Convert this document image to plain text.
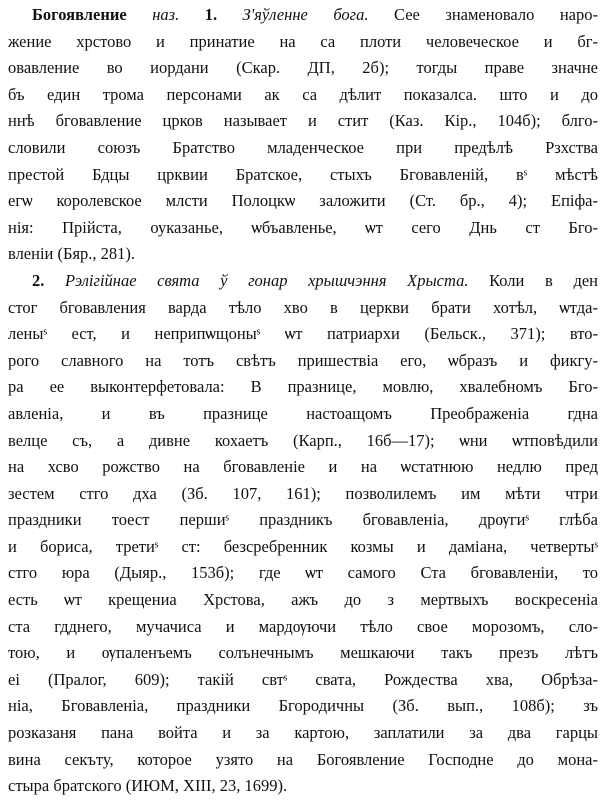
Богоявление наз. 1. З'яўленне бога. Сее знаменовало наро-
жение хрстово и принатие на са плоти человеческое и бг-
овавление во иордани (Скар. ДП, 2б); тогды праве значне
бъ един трома персонами ак са дѣлит показалса. што и до
ннѣ бговавление црков называет и стит (Каз. Кір., 104б); блго-
словили союзъ Братство младенческое при предѣлѣ Рзхства
престой Бдцы црквии Братское, стыхъ Бговавленій, вˢ мѣстѣ
егѡ королевское млсти Полоцкѡ заложити (Ст. бр., 4); Епіфа-
нія: Прійста, оуказанье, ѡбъавленье, ѡт сего Днь ст Бго-
вленіи (Бяр., 281).
2. Рэлігійнае свята ў гонар хрышчэння Хрыста. Коли в ден
стог бговавления варда тѣло хво в церкви брати хотѣл, ѡтда-
леныˢ ест, и неприпѡщоныˢ ѡт патриархи (Бельск., 371); вто-
рого славного на тотъ свѣтъ пришествіа его, ѡбразъ и фикгу-
ра ее выконтерфетовала: В празнице, мовлю, хвалебномъ Бго-
авленіа, и въ празнице настоащомъ Преображеніа гдна
велце съ, а дивне кохаетъ (Карп., 16б—17); ѡни ѡтповѣдили
на хсво рожство на бговавленіе и на ѡстатнюю недлю пред
зестем стго дха (Зб. 107, 161); позволилемъ им мѣти чтри
праздники тоест першиˢ праздникъ бговавленіа, дрѹгиˢ глѣба
и бориса, третиˢ ст: безсребренник козмы и даміана, четвертыˢ
стго юра (Дыяр., 153б); где ѡт самого Ста бговавленіи, то
есть ѡт крещениа Хрстова, ажъ до з мертвыхъ воскресеніа
ста гдднего, мучачиса и мардѹючи тѣло свое морозомъ, сло-
тою, и ѹпаленъемъ солънечнымъ мешкаючи такъ презъ лѣтъ
еі (Пралог, 609); такій свтˢ свата, Рождества хва, Обрѣза-
ніа, Бговавленіа, праздники Бгородичны (Зб. вып., 108б); зъ
розказаня пана войта и за картою, заплатили за два гарцы
вина секъту, которое узято на Богоявление Господне до мона-
стыра братского (ИЮМ, XIII, 23, 1699).
